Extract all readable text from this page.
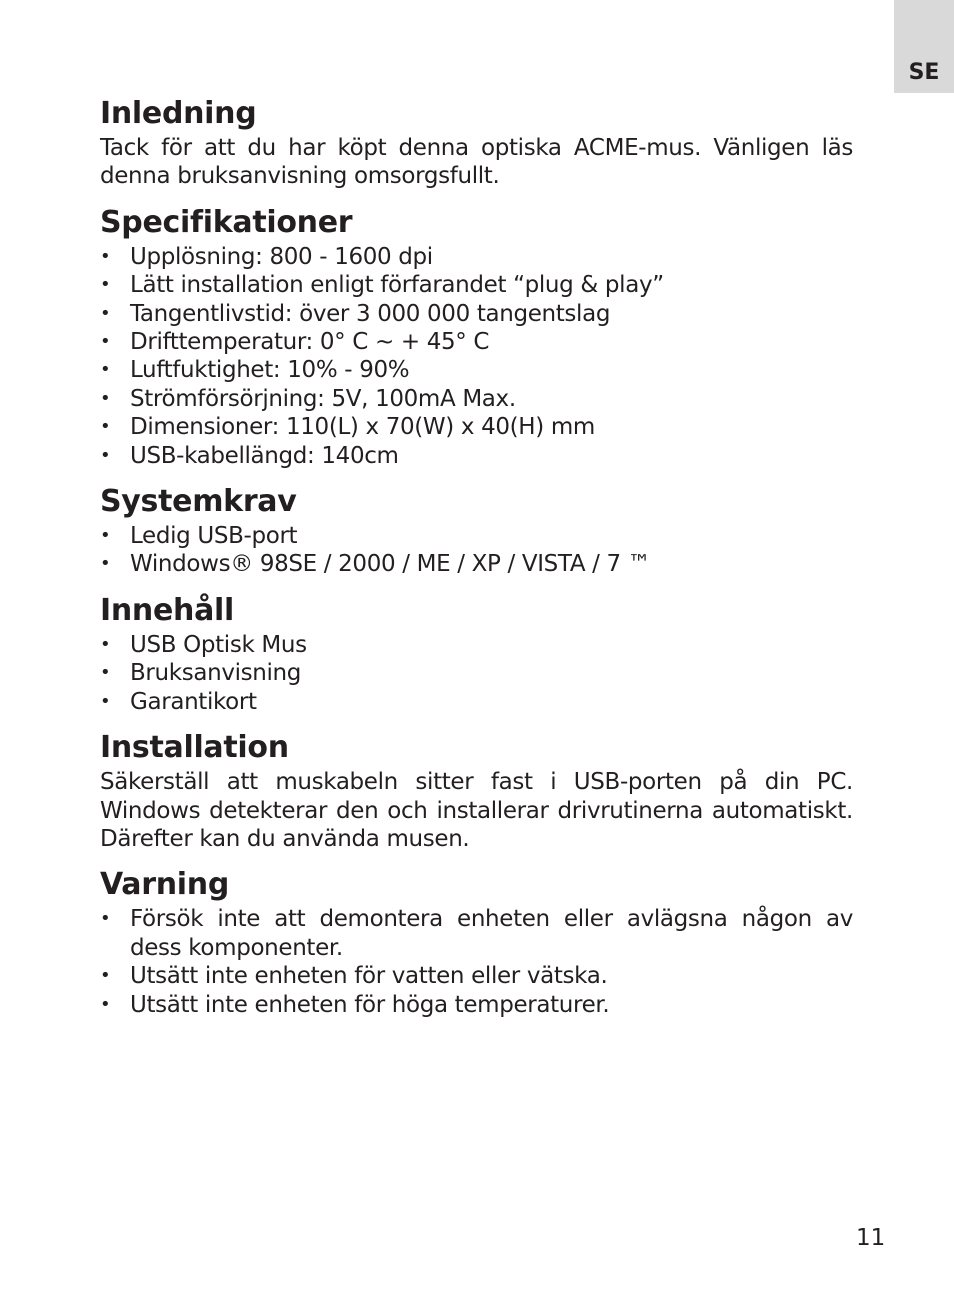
SE
Inledning

Tack för att du har köpt denna optiska ACME-mus. Vänligen läs denna bruksanvisning omsorgsfullt.

Specifikationer
• Upplösning: 800 - 1600 dpi
• Lätt installation enligt förfarandet “plug & play”
• Tangentlivstid: över 3 000 000 tangentslag
• Drifttemperatur: 0° C ~ + 45° C
• Luftfuktighet: 10% - 90%
• Strömförsörjning: 5V, 100mA Max.
• Dimensioner: 110(L) x 70(W) x 40(H) mm
• USB-kabellängd: 140cm
Systemkrav
• Ledig USB-port
• Windows® 98SE / 2000 / ME / XP / VISTA / 7 ™
Innehåll
• USB Optisk Mus
• Bruksanvisning
• Garantikort
Installation

Säkerställ att muskabeln sitter fast i USB-porten på din PC. Windows detekterar den och installerar drivrutinerna automatiskt. Därefter kan du använda musen.

Varning
• Försök inte att demontera enheten eller avlägsna någon av dess komponenter.
• Utsätt inte enheten för vatten eller vätska.
• Utsätt inte enheten för höga temperaturer.
11
